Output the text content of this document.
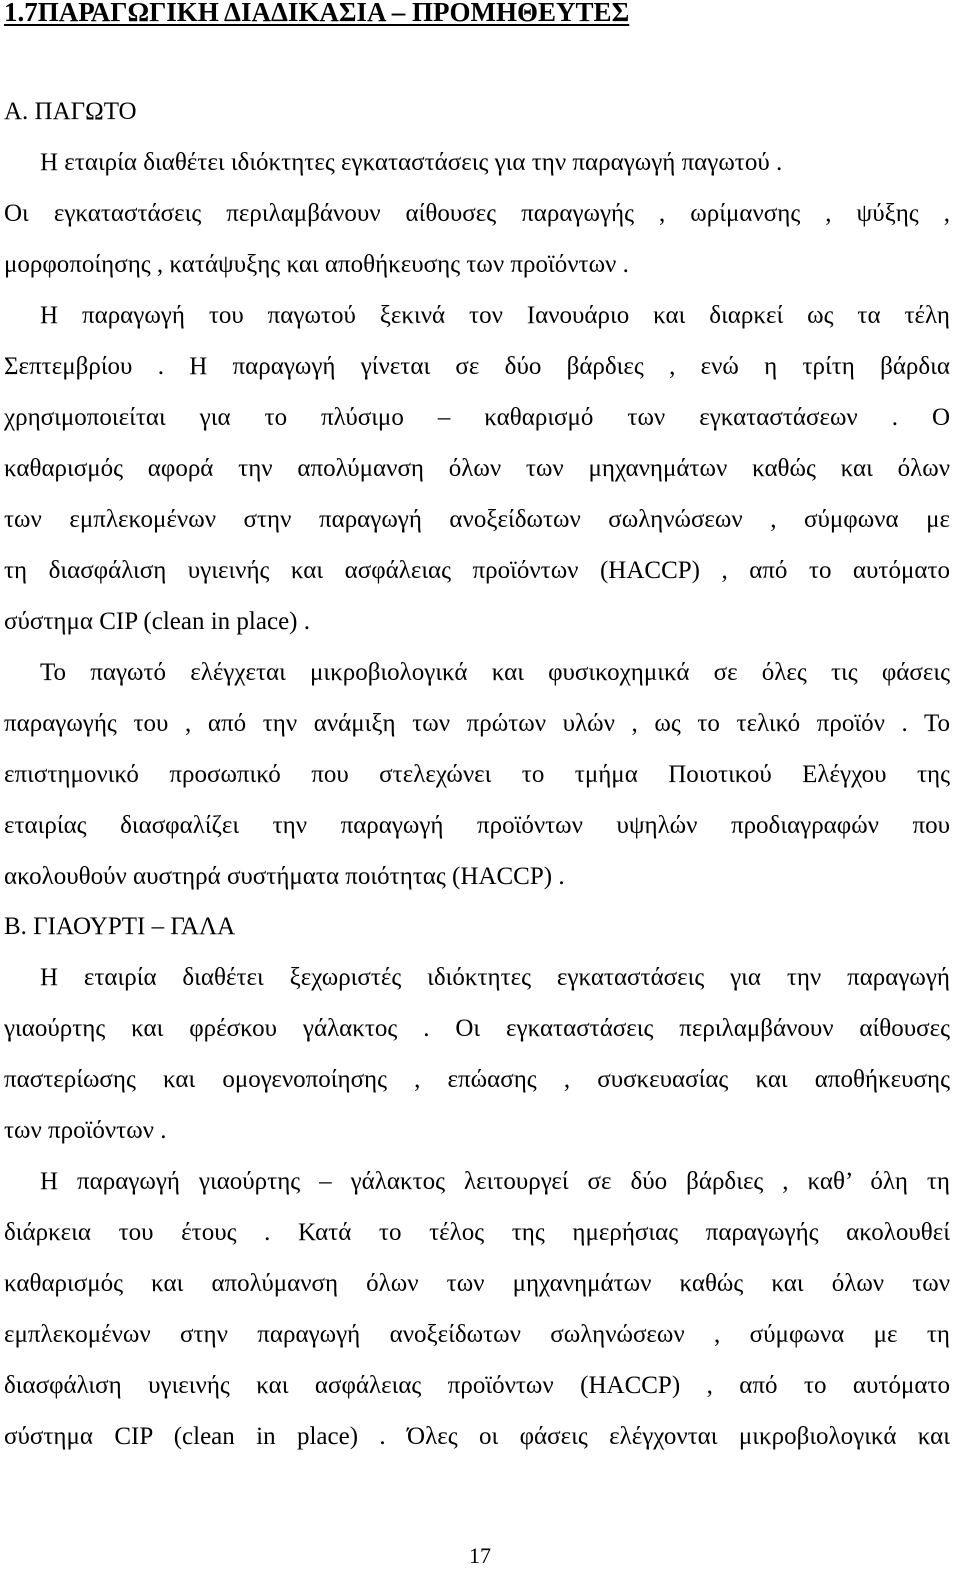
1.7ΠΑΡΑΓΩΓΙΚΗ ΔΙΑΔΙΚΑΣΙΑ – ΠΡΟΜΗΘΕΥΤΕΣ
Α. ΠΑΓΩΤΟ
Η εταιρία διαθέτει ιδιόκτητες εγκαταστάσεις για την παραγωγή παγωτού .
Οι εγκαταστάσεις περιλαμβάνουν αίθουσες παραγωγής , ωρίμανσης , ψύξης ,
μορφοποίησης , κατάψυξης και αποθήκευσης των προϊόντων .
Η παραγωγή του παγωτού ξεκινά τον Ιανουάριο και διαρκεί ως τα τέλη
Σεπτεμβρίου . Η παραγωγή γίνεται σε δύο βάρδιες , ενώ η τρίτη βάρδια
χρησιμοποιείται για το πλύσιμο – καθαρισμό των εγκαταστάσεων . Ο
καθαρισμός αφορά την απολύμανση όλων των μηχανημάτων καθώς και όλων
των εμπλεκομένων στην παραγωγή ανοξείδωτων σωληνώσεων , σύμφωνα με
τη διασφάλιση υγιεινής και ασφάλειας προϊόντων (HACCP) , από το αυτόματο
σύστημα CIP (clean in place) .
Το παγωτό ελέγχεται μικροβιολογικά και φυσικοχημικά σε όλες τις φάσεις
παραγωγής του , από την ανάμιξη των πρώτων υλών , ως το τελικό προϊόν . Το
επιστημονικό προσωπικό που στελεχώνει το τμήμα Ποιοτικού Ελέγχου της
εταιρίας διασφαλίζει την παραγωγή προϊόντων υψηλών προδιαγραφών που
ακολουθούν αυστηρά συστήματα ποιότητας (HACCP) .
Β. ΓΙΑΟΥΡΤΙ – ΓΑΛΑ
Η εταιρία διαθέτει ξεχωριστές ιδιόκτητες εγκαταστάσεις για την παραγωγή
γιαούρτης και φρέσκου γάλακτος . Οι εγκαταστάσεις περιλαμβάνουν αίθουσες
παστερίωσης και ομογενοποίησης , επώασης , συσκευασίας και αποθήκευσης
των προϊόντων .
Η παραγωγή γιαούρτης – γάλακτος λειτουργεί σε δύο βάρδιες , καθ’ όλη τη
διάρκεια του έτους . Κατά το τέλος της ημερήσιας παραγωγής ακολουθεί
καθαρισμός και απολύμανση όλων των μηχανημάτων καθώς και όλων των
εμπλεκομένων στην παραγωγή ανοξείδωτων σωληνώσεων , σύμφωνα με τη
διασφάλιση υγιεινής και ασφάλειας προϊόντων (HACCP) , από το αυτόματο
σύστημα CIP (clean in place) . Όλες οι φάσεις ελέγχονται μικροβιολογικά και
17
